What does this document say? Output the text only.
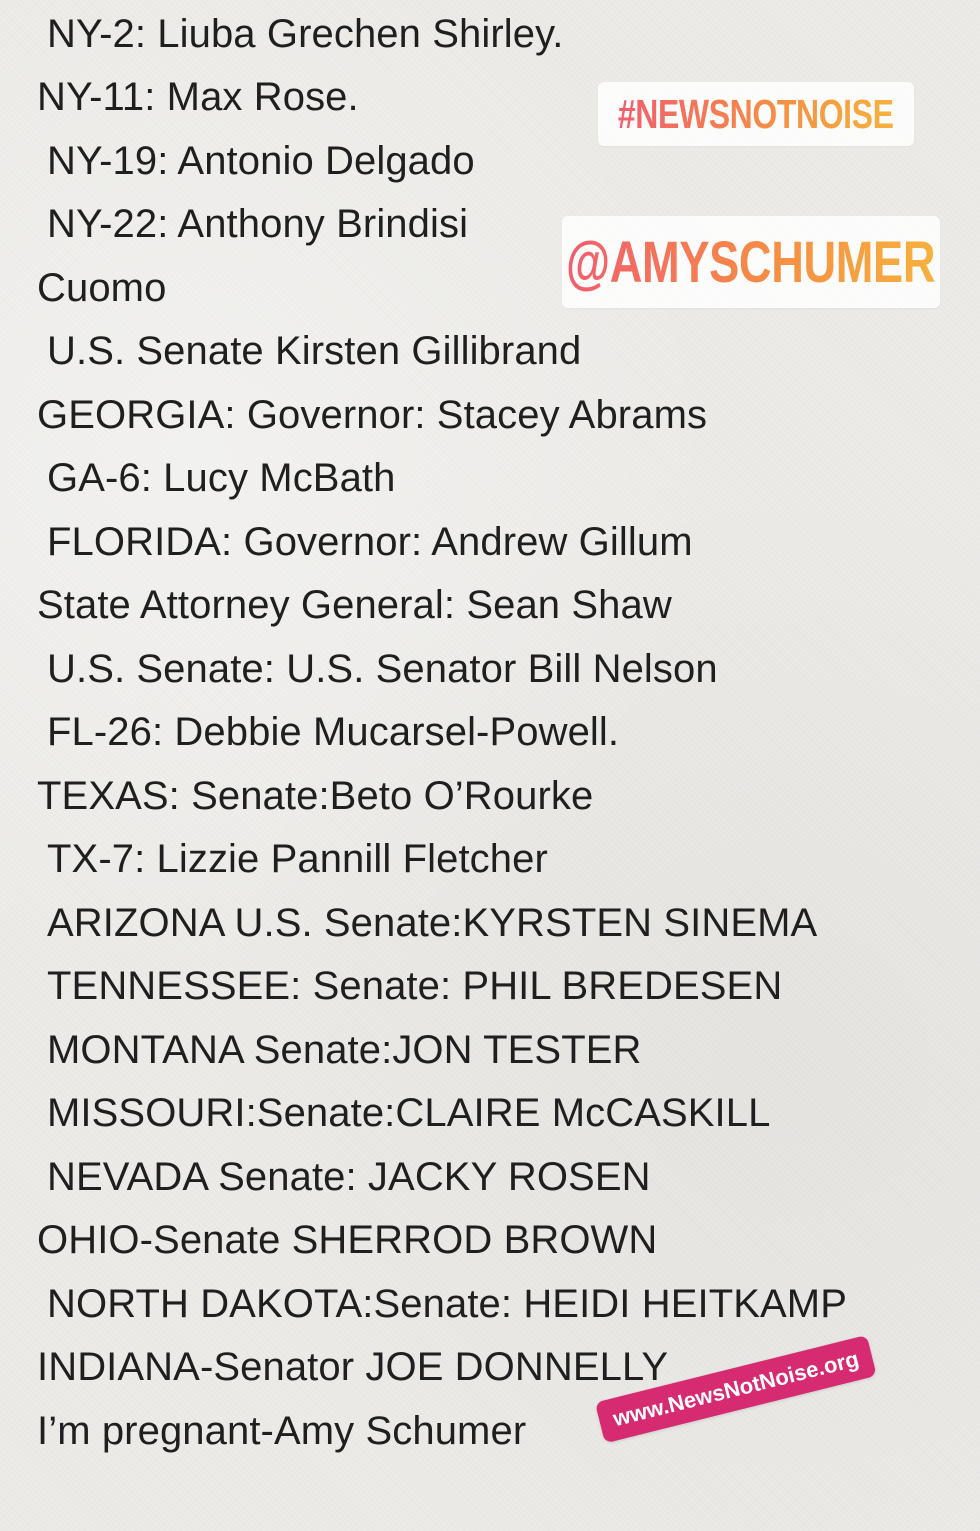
NY-2: Liuba Grechen Shirley.
NY-11: Max Rose.
NY-19: Antonio Delgado
NY-22: Anthony Brindisi
Cuomo
U.S. Senate Kirsten Gillibrand
GEORGIA: Governor: Stacey Abrams
GA-6: Lucy McBath
FLORIDA: Governor: Andrew Gillum
State Attorney General: Sean Shaw
U.S. Senate: U.S. Senator Bill Nelson
FL-26: Debbie Mucarsel-Powell.
TEXAS: Senate:Beto O’Rourke
TX-7: Lizzie Pannill Fletcher
ARIZONA U.S. Senate:KYRSTEN SINEMA
TENNESSEE: Senate: PHIL BREDESEN
MONTANA Senate:JON TESTER
MISSOURI:Senate:CLAIRE McCASKILL
NEVADA Senate: JACKY ROSEN
OHIO-Senate SHERROD BROWN
NORTH DAKOTA:Senate: HEIDI HEITKAMP
INDIANA-Senator JOE DONNELLY
I’m pregnant-Amy Schumer
#NEWSNOTNOISE
@AMYSCHUMER
www.NewsNotNoise.org
